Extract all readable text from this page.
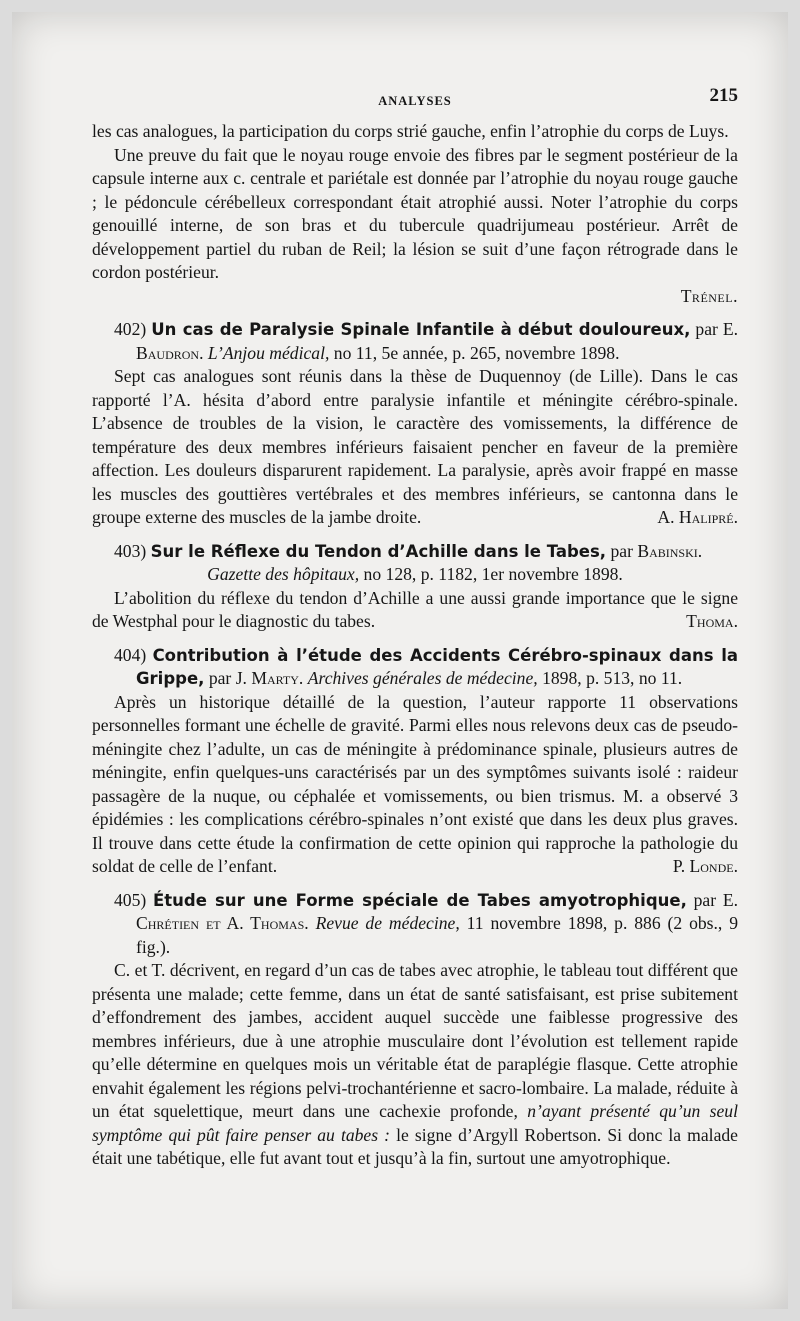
ANALYSES	215

les cas analogues, la participation du corps strié gauche, enfin l’atrophie du corps de Luys.

Une preuve du fait que le noyau rouge envoie des fibres par le segment postérieur de la capsule interne aux c. centrale et pariétale est donnée par l’atrophie du noyau rouge gauche ; le pédoncule cérébelleux correspondant était atrophié aussi. Noter l’atrophie du corps genouillé interne, de son bras et du tubercule quadrijumeau postérieur. Arrêt de développement partiel du ruban de Reil; la lésion se suit d’une façon rétrograde dans le cordon postérieur.

Trénel.

402) Un cas de Paralysie Spinale Infantile à début douloureux, par E. Baudron. L’Anjou médical, no 11, 5e année, p. 265, novembre 1898.

Sept cas analogues sont réunis dans la thèse de Duquennoy (de Lille). Dans le cas rapporté l’A. hésita d’abord entre paralysie infantile et méningite cérébro-spinale. L’absence de troubles de la vision, le caractère des vomissements, la différence de température des deux membres inférieurs faisaient pencher en faveur de la première affection. Les douleurs disparurent rapidement. La paralysie, après avoir frappé en masse les muscles des gouttières vertébrales et des membres inférieurs, se cantonna dans le groupe externe des muscles de la jambe droite.	A. Halipré.

403) Sur le Réflexe du Tendon d’Achille dans le Tabes, par Babinski.

Gazette des hôpitaux, no 128, p. 1182, 1er novembre 1898.

L’abolition du réflexe du tendon d’Achille a une aussi grande importance que le signe de Westphal pour le diagnostic du tabes.	Thoma.

404) Contribution à l’étude des Accidents Cérébro-spinaux dans la Grippe, par J. Marty. Archives générales de médecine, 1898, p. 513, no 11.

Après un historique détaillé de la question, l’auteur rapporte 11 observations personnelles formant une échelle de gravité. Parmi elles nous relevons deux cas de pseudo-méningite chez l’adulte, un cas de méningite à prédominance spinale, plusieurs autres de méningite, enfin quelques-uns caractérisés par un des symptômes suivants isolé : raideur passagère de la nuque, ou céphalée et vomissements, ou bien trismus. M. a observé 3 épidémies : les complications cérébro-spinales n’ont existé que dans les deux plus graves. Il trouve dans cette étude la confirmation de cette opinion qui rapproche la pathologie du soldat de celle de l’enfant.	P. Londe.

405) Étude sur une Forme spéciale de Tabes amyotrophique, par E. Chrétien et A. Thomas. Revue de médecine, 11 novembre 1898, p. 886 (2 obs., 9 fig.).

C. et T. décrivent, en regard d’un cas de tabes avec atrophie, le tableau tout différent que présenta une malade; cette femme, dans un état de santé satisfaisant, est prise subitement d’effondrement des jambes, accident auquel succède une faiblesse progressive des membres inférieurs, due à une atrophie musculaire dont l’évolution est tellement rapide qu’elle détermine en quelques mois un véritable état de paraplégie flasque. Cette atrophie envahit également les régions pelvi-trochantérienne et sacro-lombaire. La malade, réduite à un état squelettique, meurt dans une cachexie profonde, n’ayant présenté qu’un seul symptôme qui pût faire penser au tabes : le signe d’Argyll Robertson. Si donc la malade était une tabétique, elle fut avant tout et jusqu’à la fin, surtout une amyotrophique.
